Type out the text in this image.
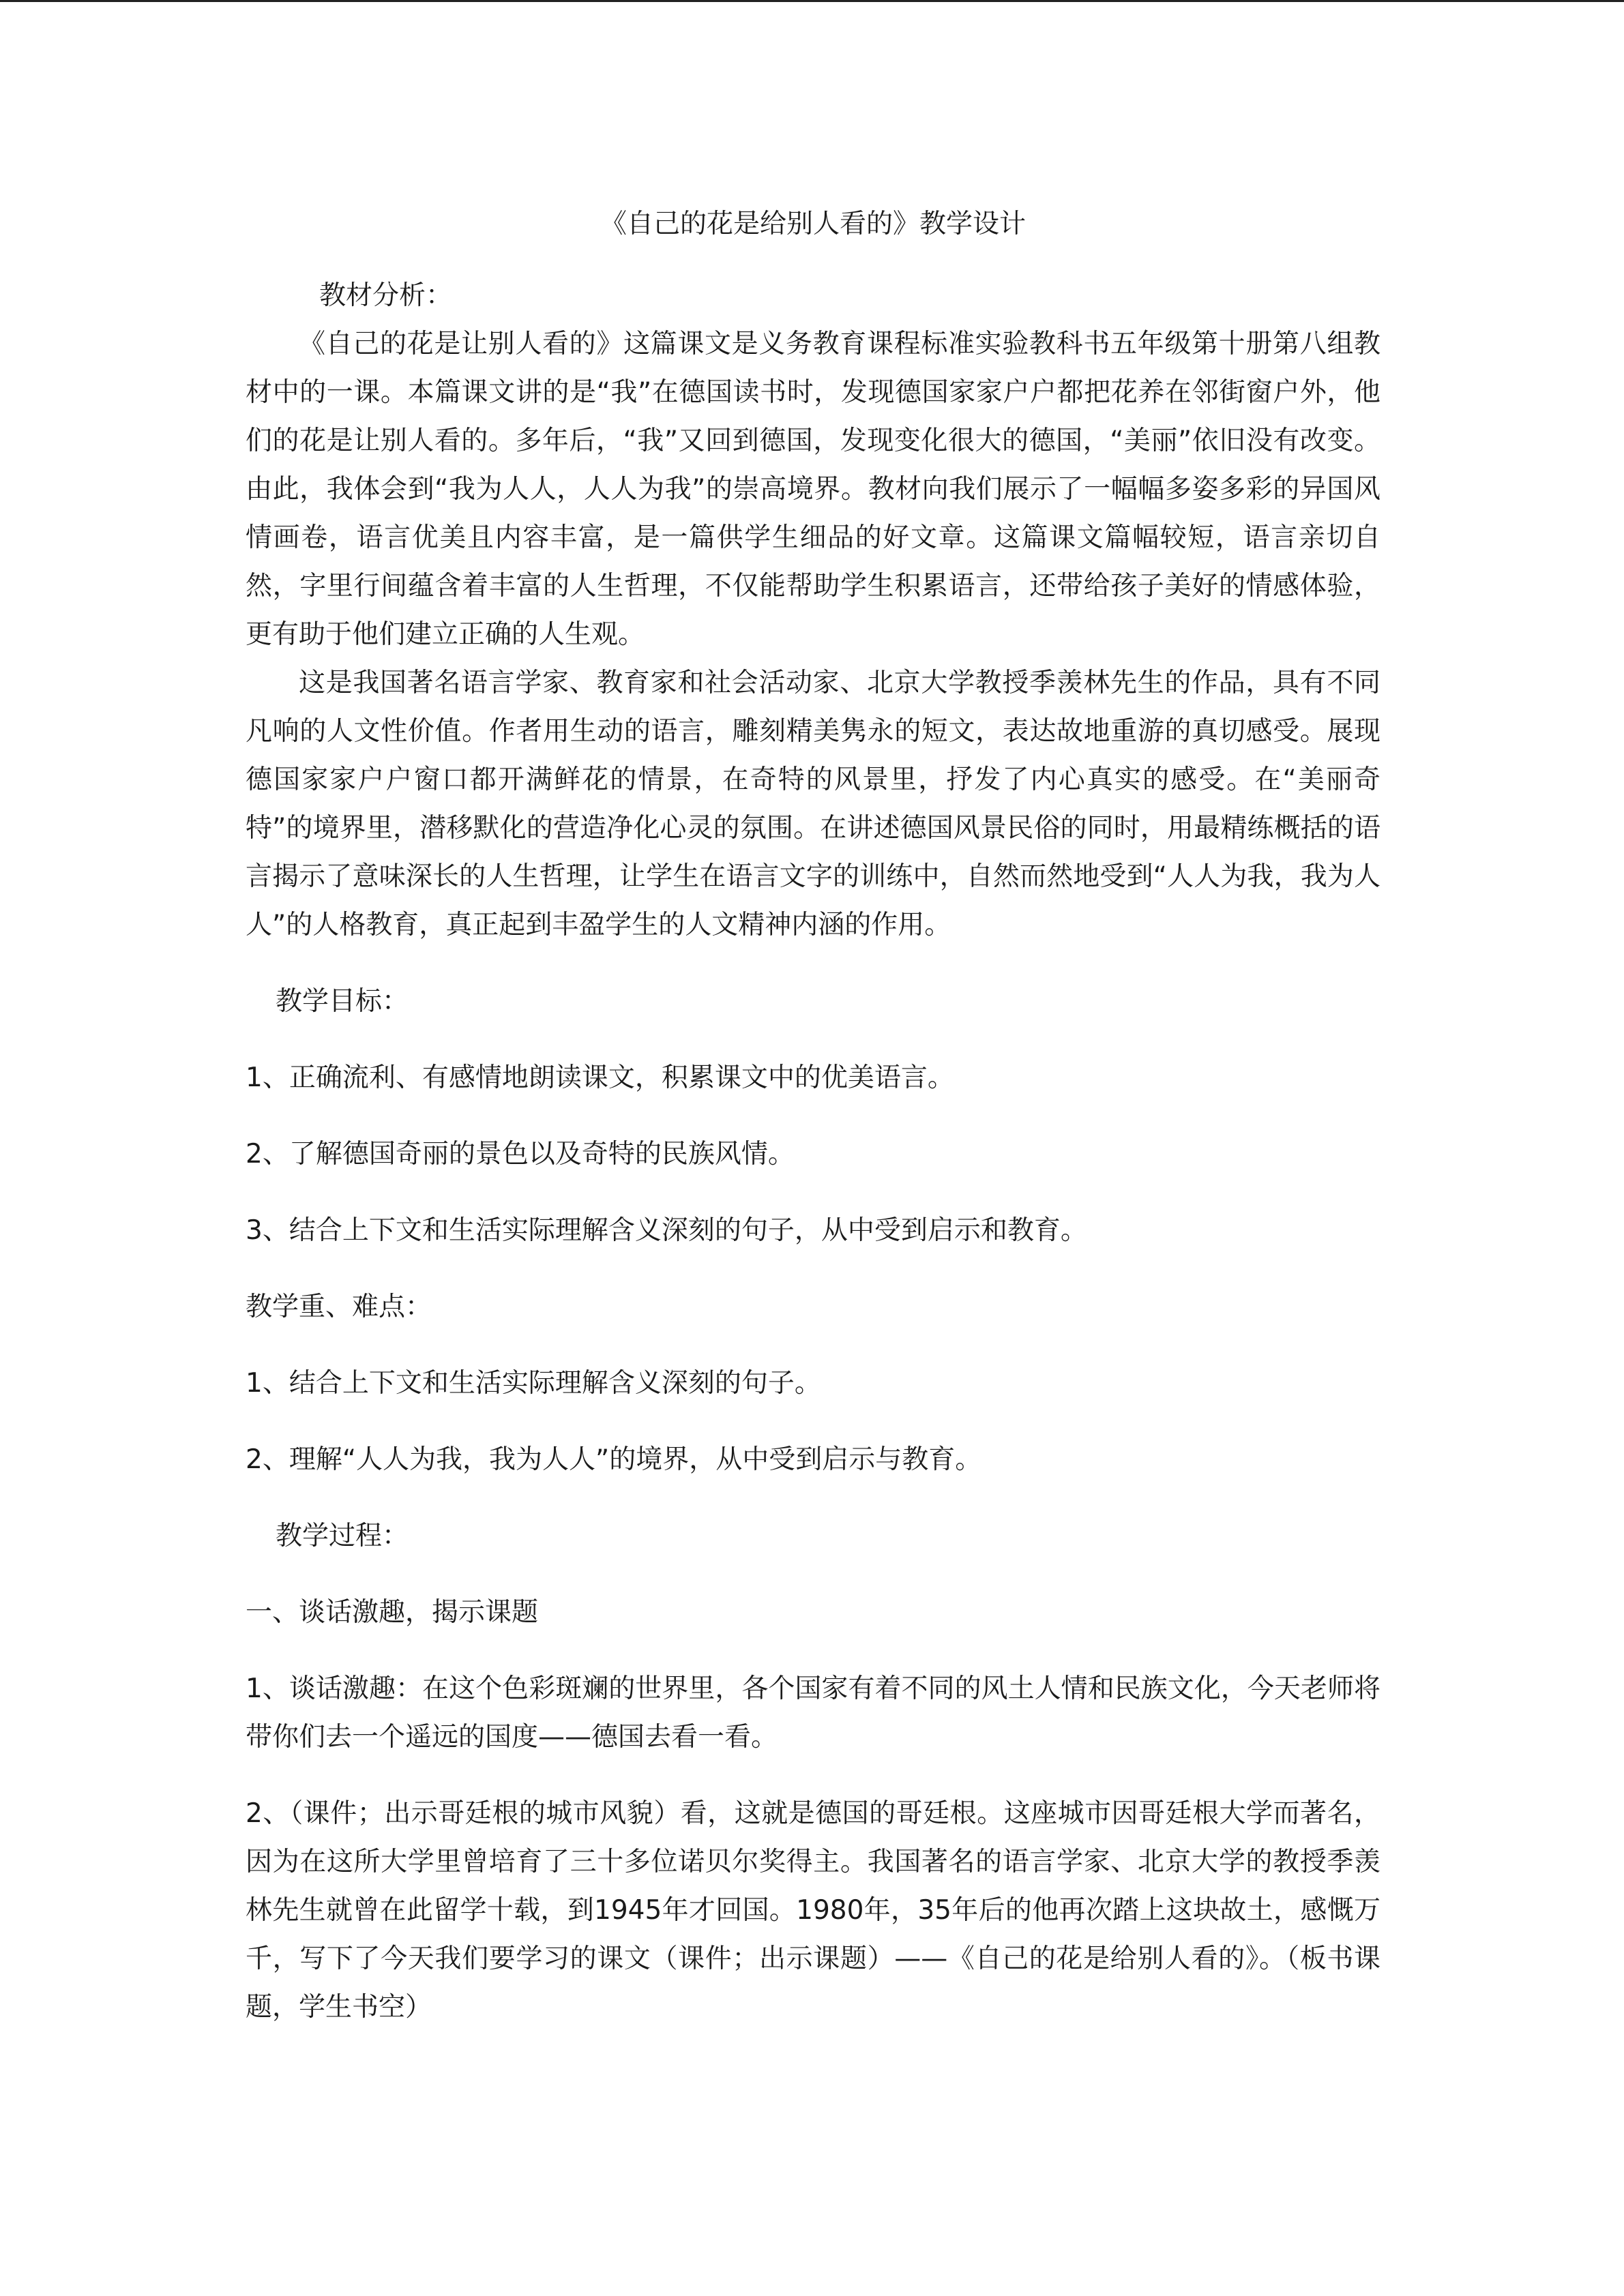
《自己的花是给别人看的》教学设计

教材分析：

《自己的花是让别人看的》这篇课文是义务教育课程标准实验教科书五年级第十册第八组教材中的一课。本篇课文讲的是“我”在德国读书时，发现德国家家户户都把花养在邻街窗户外，他们的花是让别人看的。多年后，“我”又回到德国，发现变化很大的德国，“美丽”依旧没有改变。由此，我体会到“我为人人，人人为我”的崇高境界。教材向我们展示了一幅幅多姿多彩的异国风情画卷，语言优美且内容丰富，是一篇供学生细品的好文章。这篇课文篇幅较短，语言亲切自然，字里行间蕴含着丰富的人生哲理，不仅能帮助学生积累语言，还带给孩子美好的情感体验，更有助于他们建立正确的人生观。

这是我国著名语言学家、教育家和社会活动家、北京大学教授季羡林先生的作品，具有不同凡响的人文性价值。作者用生动的语言，雕刻精美隽永的短文，表达故地重游的真切感受。展现德国家家户户窗口都开满鲜花的情景，在奇特的风景里，抒发了内心真实的感受。在“美丽奇特”的境界里，潜移默化的营造净化心灵的氛围。在讲述德国风景民俗的同时，用最精练概括的语言揭示了意味深长的人生哲理，让学生在语言文字的训练中，自然而然地受到“人人为我，我为人人”的人格教育，真正起到丰盈学生的人文精神内涵的作用。

教学目标：

1、正确流利、有感情地朗读课文，积累课文中的优美语言。

2、了解德国奇丽的景色以及奇特的民族风情。

3、结合上下文和生活实际理解含义深刻的句子，从中受到启示和教育。

教学重、难点：

1、结合上下文和生活实际理解含义深刻的句子。

2、理解“人人为我，我为人人”的境界，从中受到启示与教育。

教学过程：

一、谈话激趣，揭示课题

1、谈话激趣：在这个色彩斑斓的世界里，各个国家有着不同的风土人情和民族文化，今天老师将带你们去一个遥远的国度——德国去看一看。

2、（课件；出示哥廷根的城市风貌）看，这就是德国的哥廷根。这座城市因哥廷根大学而著名，因为在这所大学里曾培育了三十多位诺贝尔奖得主。我国著名的语言学家、北京大学的教授季羡林先生就曾在此留学十载，到1945年才回国。1980年，35年后的他再次踏上这块故土，感慨万千，写下了今天我们要学习的课文（课件；出示课题）——《自己的花是给别人看的》。（板书课题，学生书空）
